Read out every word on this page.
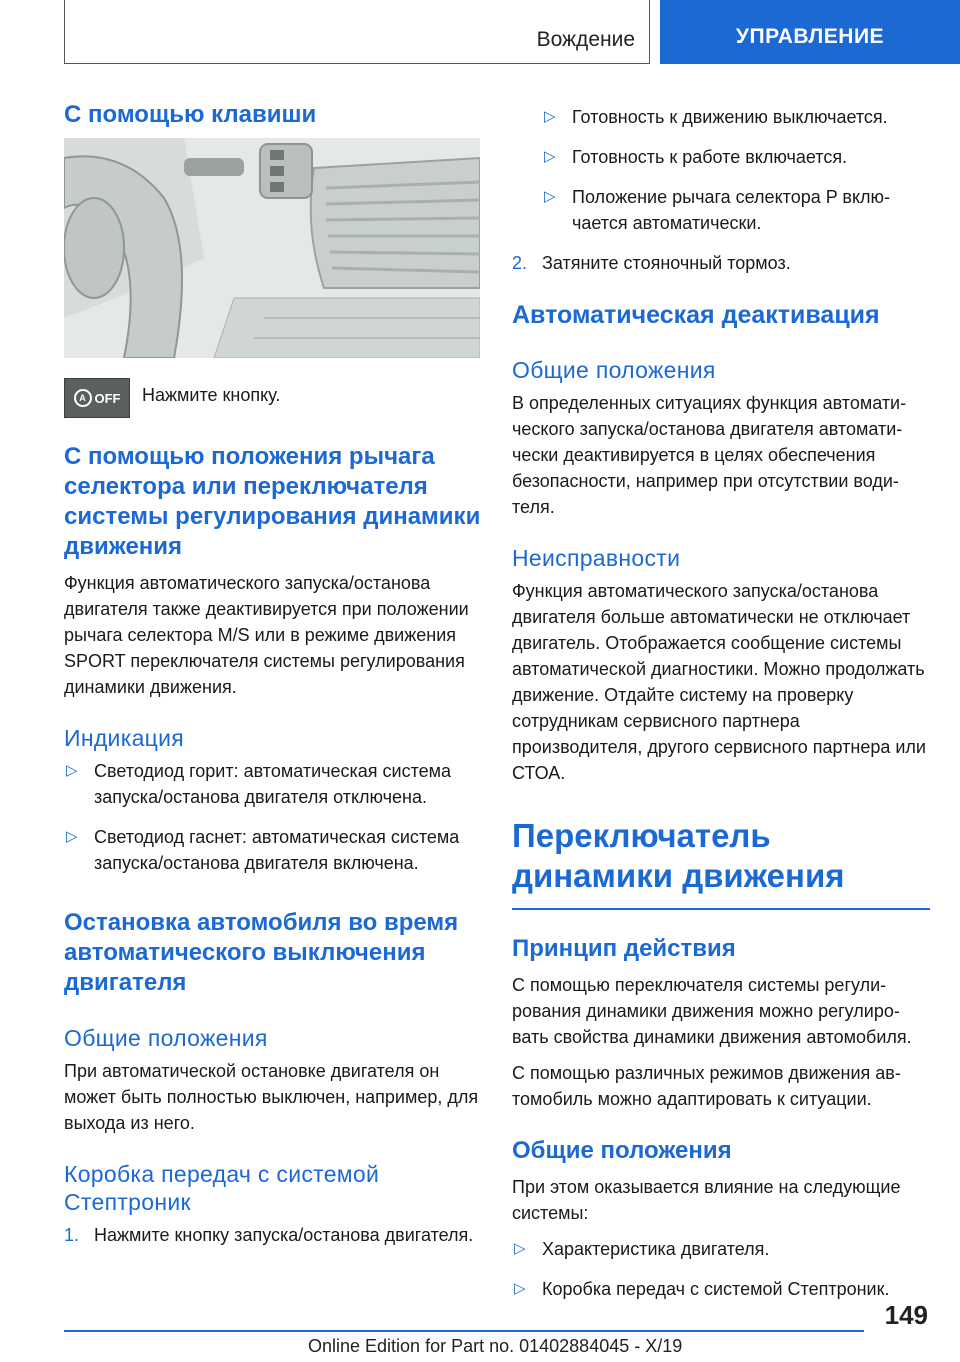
Вождение	УПРАВЛЕНИЕ
С помощью клавиши
A OFF Нажмите кнопку.

С помощью положения рычага селектора или переключателя системы регулирования динамики движения

Функция автоматического запуска/останова двигателя также деактивируется при положении рычага селектора M/S или в режиме движения SPORT переключателя системы регулирования динамики движения.

Индикация
▷ Светодиод горит: автоматическая система запуска/останова двигателя отключена.
▷ Светодиод гаснет: автоматическая система запуска/останова двигателя включена.
Остановка автомобиля во время автоматического выключения двигателя
Общие положения

При автоматической остановке двигателя он может быть полностью выключен, например, для выхода из него.

Коробка передач с системой Стептроник
1. Нажмите кнопку запуска/останова двигателя.
▷ Готовность к движению выключается.
▷ Готовность к работе включается.
▷ Положение рычага селектора P включается автоматически.
2. Затяните стояночный тормоз.
Автоматическая деактивация
Общие положения

В определенных ситуациях функция автоматического запуска/останова двигателя автоматически деактивируется в целях обеспечения безопасности, например при отсутствии водителя.

Неисправности

Функция автоматического запуска/останова двигателя больше автоматически не отключает двигатель. Отображается сообщение системы автоматической диагностики. Можно продолжать движение. Отдайте систему на проверку сотрудникам сервисного партнера производителя, другого сервисного партнера или СТОА.

Переключатель динамики движения
Принцип действия

С помощью переключателя системы регулирования динамики движения можно регулировать свойства динамики движения автомобиля.

С помощью различных режимов движения автомобиль можно адаптировать к ситуации.

Общие положения

При этом оказывается влияние на следующие системы:

▷ Характеристика двигателя.
▷ Коробка передач с системой Стептроник.
149
Online Edition for Part no. 01402884045 - X/19
